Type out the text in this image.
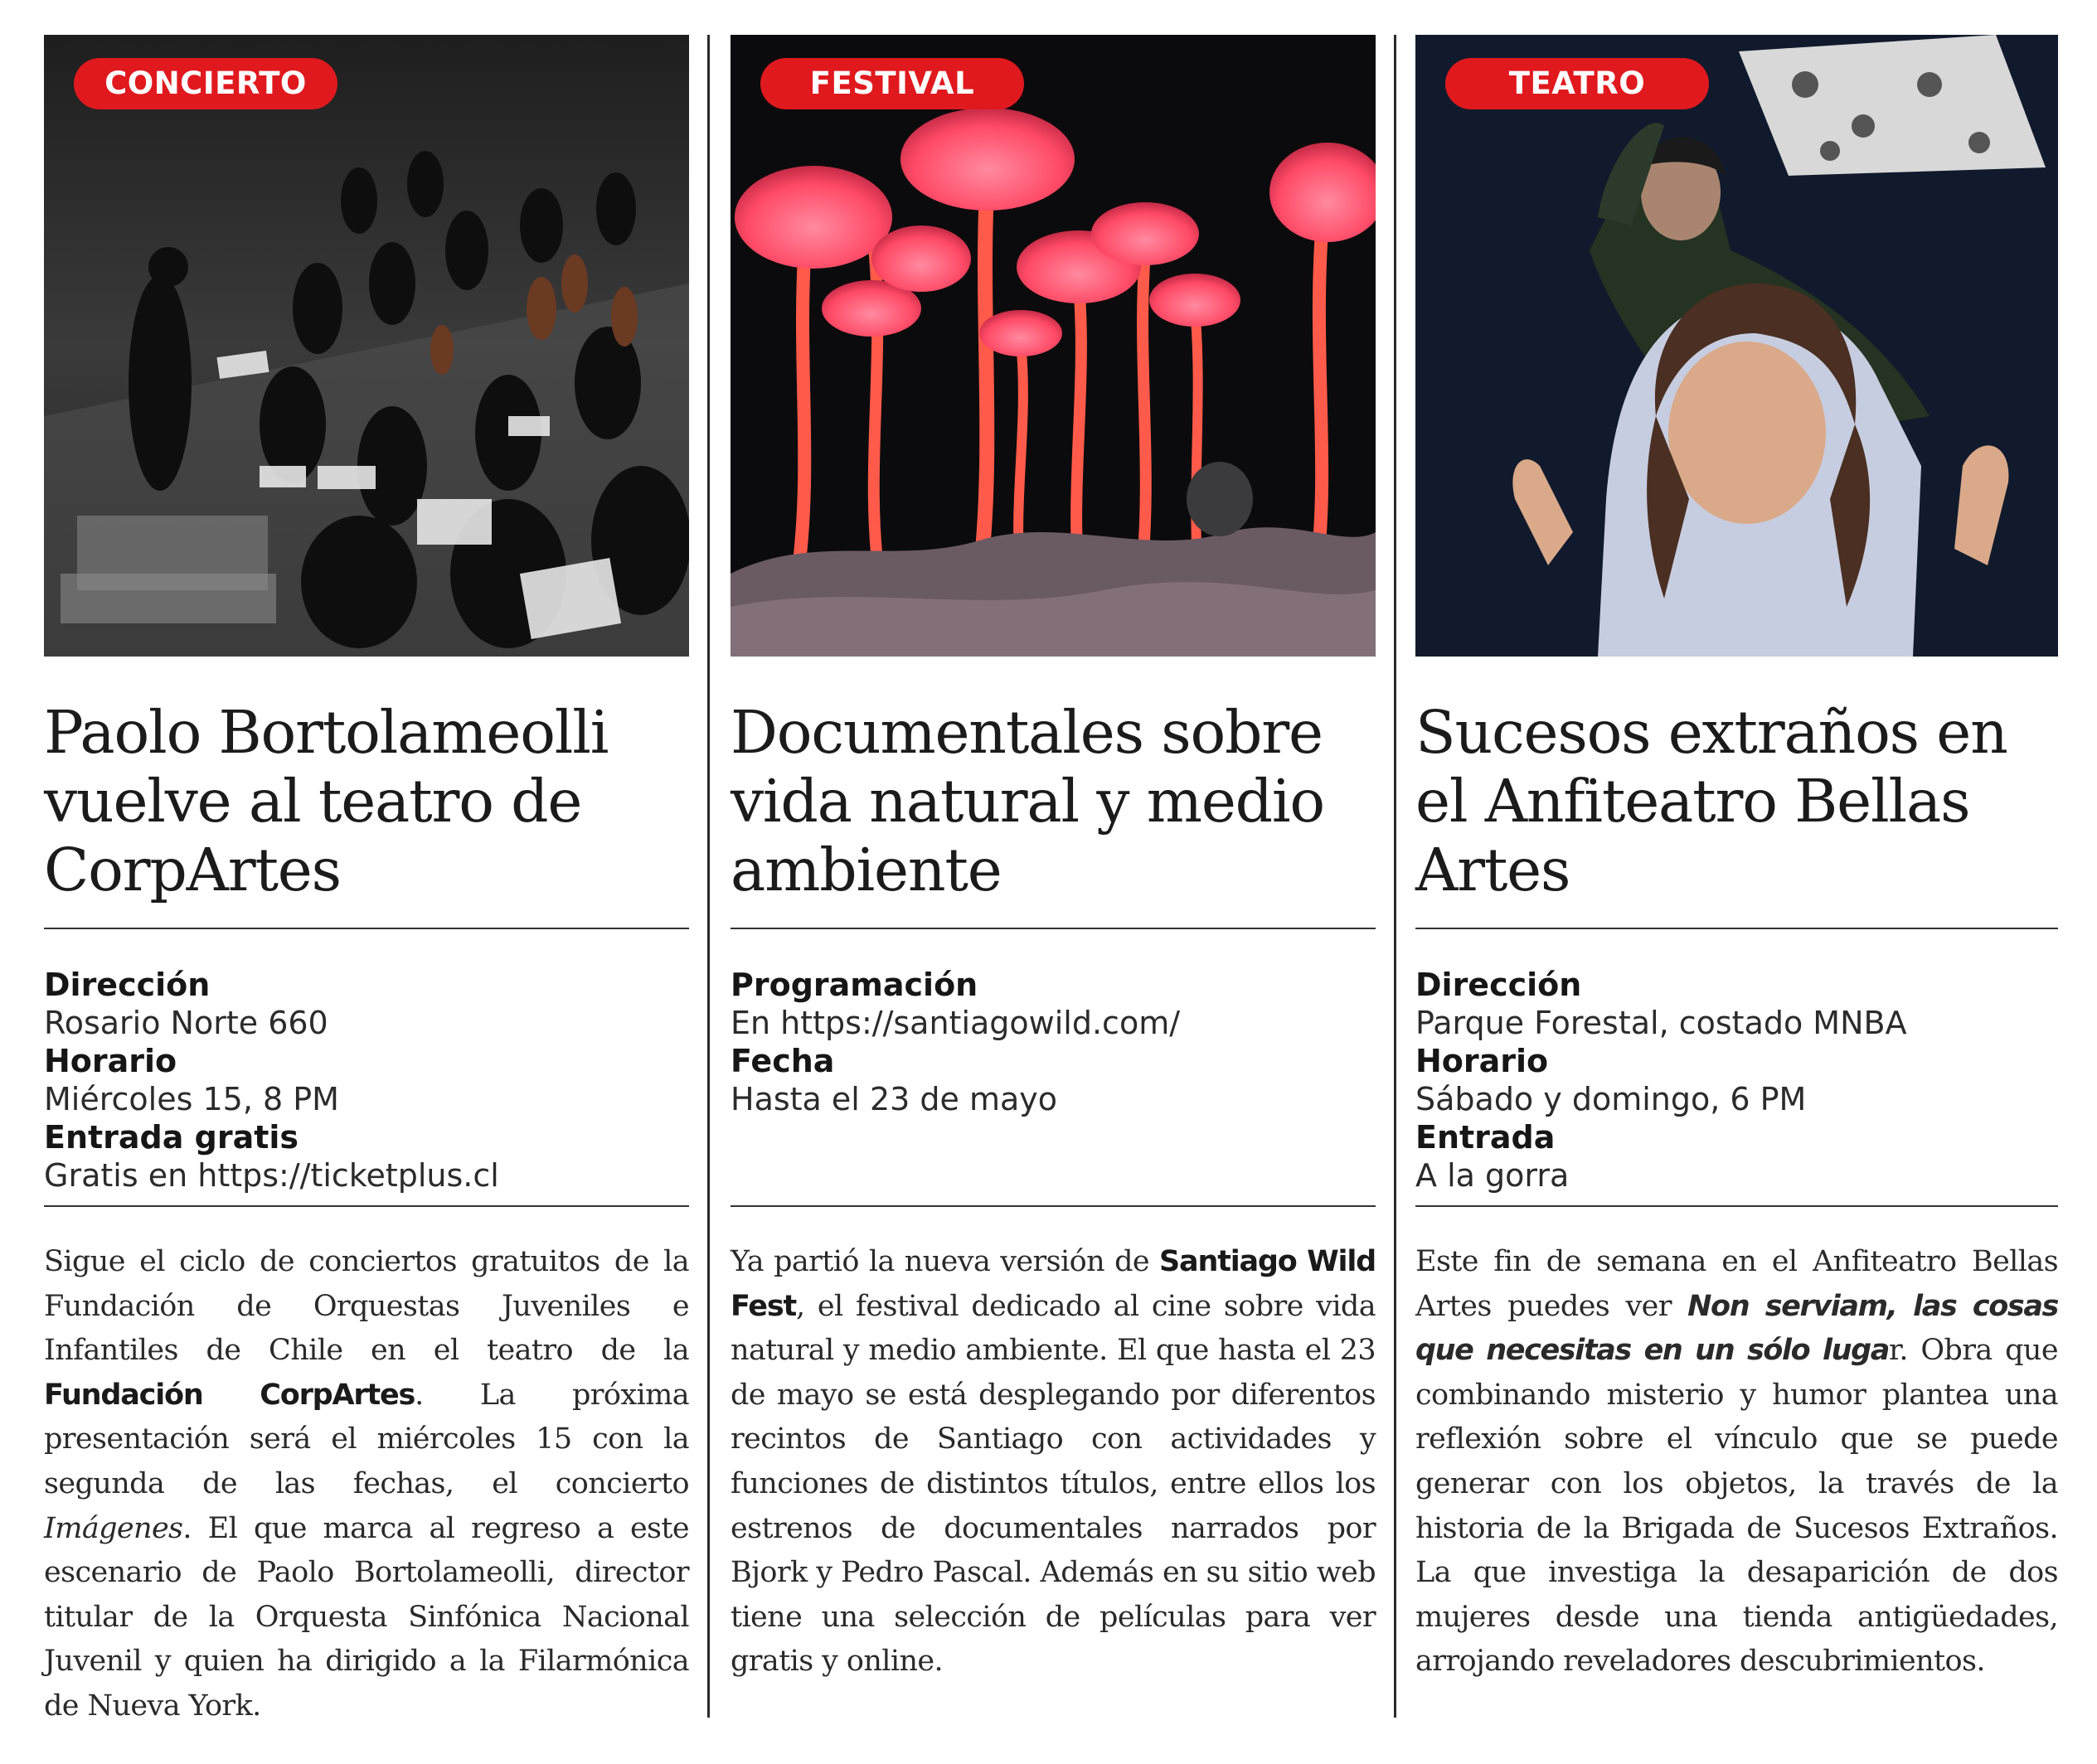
CONCIERTO
Paolo Bortolameolli vuelve al teatro de CorpArtes
Dirección
Rosario Norte 660
Horario
Miércoles 15, 8 PM
Entrada gratis
Gratis en https://ticketplus.cl

Sigue el ciclo de conciertos gratuitos de la Fundación de Orquestas Juveniles e Infantiles de Chile en el teatro de la Fundación CorpArtes. La próxima presentación será el miércoles 15 con la segunda de las fechas, el concierto Imágenes. El que marca al regreso a este escenario de Paolo Bortolameolli, director titular de la Orquesta Sinfónica Nacional Juvenil y quien ha dirigido a la Filarmónica de Nueva York.

FESTIVAL
Documentales sobre vida natural y medio ambiente
Programación
En https://santiagowild.com/
Fecha
Hasta el 23 de mayo

Ya partió la nueva versión de Santiago Wild Fest, el festival dedicado al cine sobre vida natural y medio ambiente. El que hasta el 23 de mayo se está desplegando por diferentos recintos de Santiago con actividades y funciones de distintos títulos, entre ellos los estrenos de documentales narrados por Bjork y Pedro Pascal. Además en su sitio web tiene una selección de películas para ver gratis y online.

TEATRO
Sucesos extraños en el Anfiteatro Bellas Artes
Dirección
Parque Forestal, costado MNBA
Horario
Sábado y domingo, 6 PM
Entrada
A la gorra

Este fin de semana en el Anfiteatro Bellas Artes puedes ver Non serviam, las cosas que necesitas en un sólo lugar. Obra que combinando misterio y humor plantea una reflexión sobre el vínculo que se puede generar con los objetos, la través de la historia de la Brigada de Sucesos Extraños. La que investiga la desaparición de dos mujeres desde una tienda antigüedades, arrojando reveladores descubrimientos.
